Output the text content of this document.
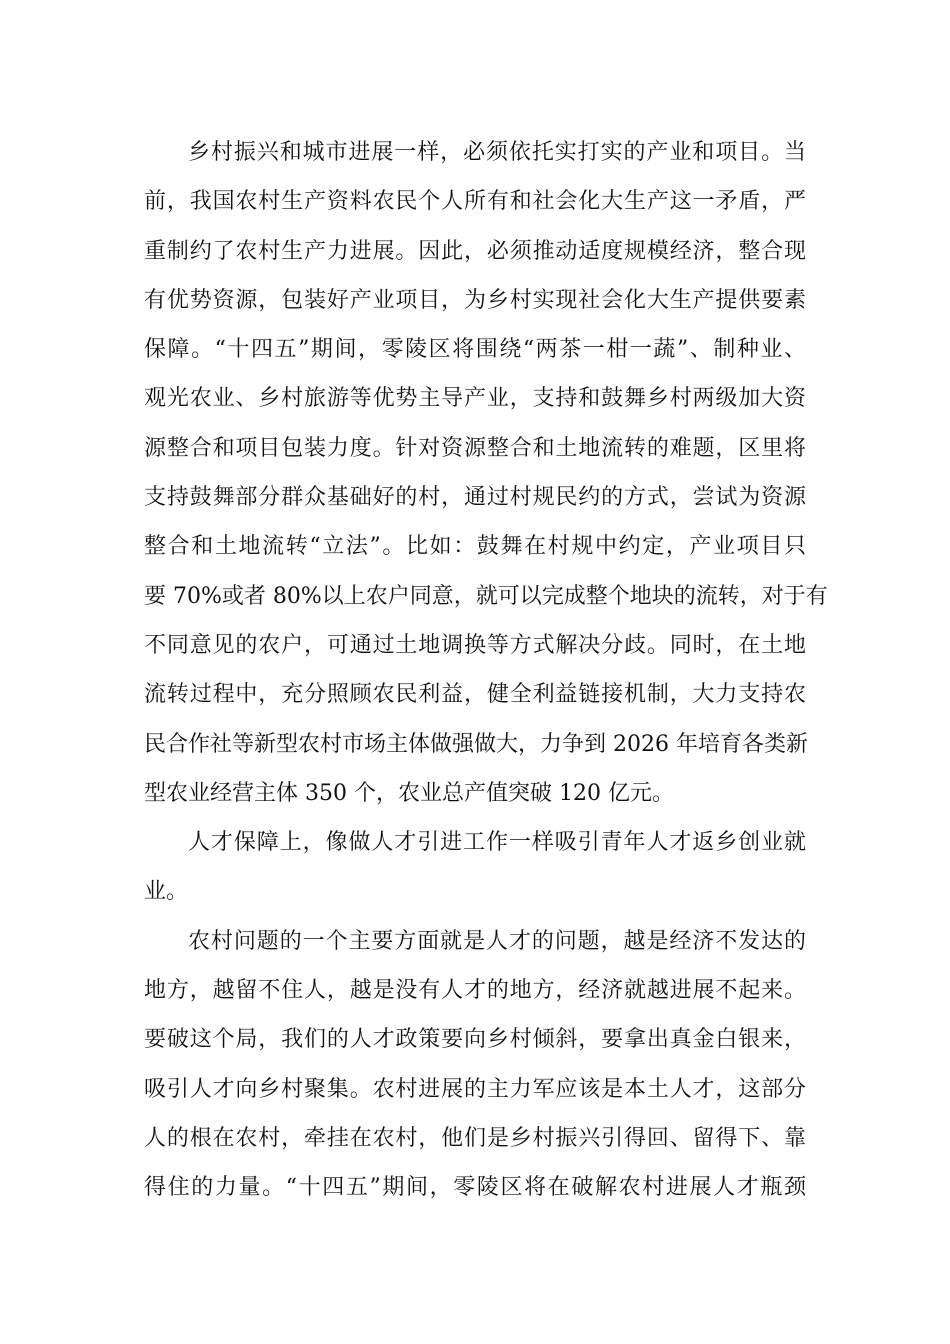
乡村振兴和城市进展一样，必须依托实打实的产业和项目。当
前，我国农村生产资料农民个人所有和社会化大生产这一矛盾，严
重制约了农村生产力进展。因此，必须推动适度规模经济，整合现
有优势资源，包装好产业项目，为乡村实现社会化大生产提供要素
保障。“十四五”期间，零陵区将围绕“两茶一柑一蔬”、制种业、
观光农业、乡村旅游等优势主导产业，支持和鼓舞乡村两级加大资
源整合和项目包装力度。针对资源整合和土地流转的难题，区里将
支持鼓舞部分群众基础好的村，通过村规民约的方式，尝试为资源
整合和土地流转“立法”。比如：鼓舞在村规中约定，产业项目只
要 70%或者 80%以上农户同意，就可以完成整个地块的流转，对于有
不同意见的农户，可通过土地调换等方式解决分歧。同时，在土地
流转过程中，充分照顾农民利益，健全利益链接机制，大力支持农
民合作社等新型农村市场主体做强做大，力争到 2026 年培育各类新
型农业经营主体 350 个，农业总产值突破 120 亿元。

人才保障上，像做人才引进工作一样吸引青年人才返乡创业就
业。

农村问题的一个主要方面就是人才的问题，越是经济不发达的
地方，越留不住人，越是没有人才的地方，经济就越进展不起来。
要破这个局，我们的人才政策要向乡村倾斜，要拿出真金白银来，
吸引人才向乡村聚集。农村进展的主力军应该是本土人才，这部分
人的根在农村，牵挂在农村，他们是乡村振兴引得回、留得下、靠
得住的力量。“十四五”期间，零陵区将在破解农村进展人才瓶颈
